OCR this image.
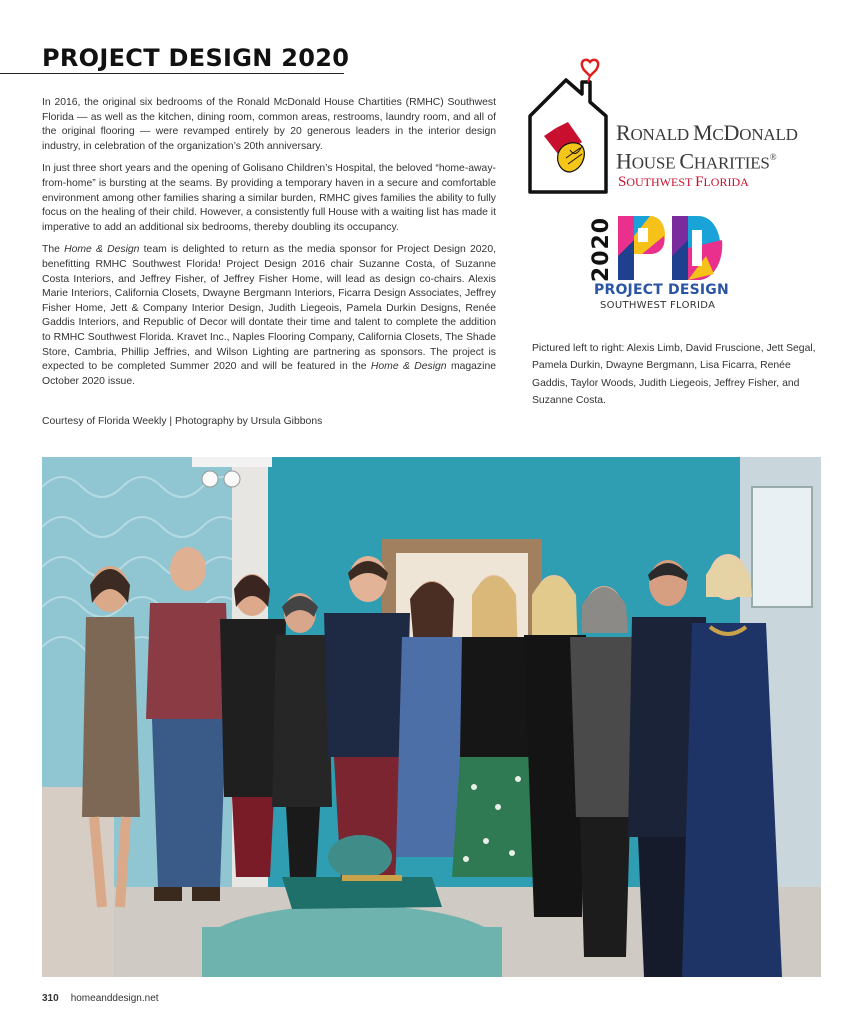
PROJECT DESIGN 2020

In 2016, the original six bedrooms of the Ronald McDonald House Chartities (RMHC) Southwest Florida — as well as the kitchen, dining room, common areas, restrooms, laundry room, and all of the original flooring — were revamped entirely by 20 generous leaders in the interior design industry, in celebration of the organization’s 20th anniversary.

In just three short years and the opening of Golisano Children’s Hospital, the beloved “home-away-from-home” is bursting at the seams. By providing a temporary haven in a secure and comfortable environment among other families sharing a similar burden, RMHC gives families the ability to fully focus on the healing of their child. However, a consistently full House with a waiting list has made it imperative to add an additional six bedrooms, thereby doubling its occupancy.

The Home & Design team is delighted to return as the media sponsor for Project Design 2020, benefitting RMHC Southwest Florida! Project Design 2016 chair Suzanne Costa, of Suzanne Costa Interiors, and Jeffrey Fisher, of Jeffrey Fisher Home, will lead as design co-chairs. Alexis Marie Interiors, California Closets, Dwayne Bergmann Interiors, Ficarra Design Associates, Jeffrey Fisher Home, Jett & Company Interior Design, Judith Liegeois, Pamela Durkin Designs, Renée Gaddis Interiors, and Republic of Decor will dontate their time and talent to complete the addition to RMHC Southwest Florida. Kravet Inc., Naples Flooring Company, California Closets, The Shade Store, Cambria, Phillip Jeffries, and Wilson Lighting are partnering as sponsors. The project is expected to be completed Summer 2020 and will be featured in the Home & Design magazine October 2020 issue.

Courtesy of Florida Weekly | Photography by Ursula Gibbons
RONALD MCDONALD
HOUSE CHARITIES®
SOUTHWEST FLORIDA
2020
PROJECT DESIGN
SOUTHWEST FLORIDA
Pictured left to right: Alexis Limb, David Fruscione, Jett Segal, Pamela Durkin, Dwayne Bergmann, Lisa Ficarra, Renée Gaddis, Taylor Woods, Judith Liegeois, Jeffrey Fisher, and Suzanne Costa.
310 homeanddesign.net
